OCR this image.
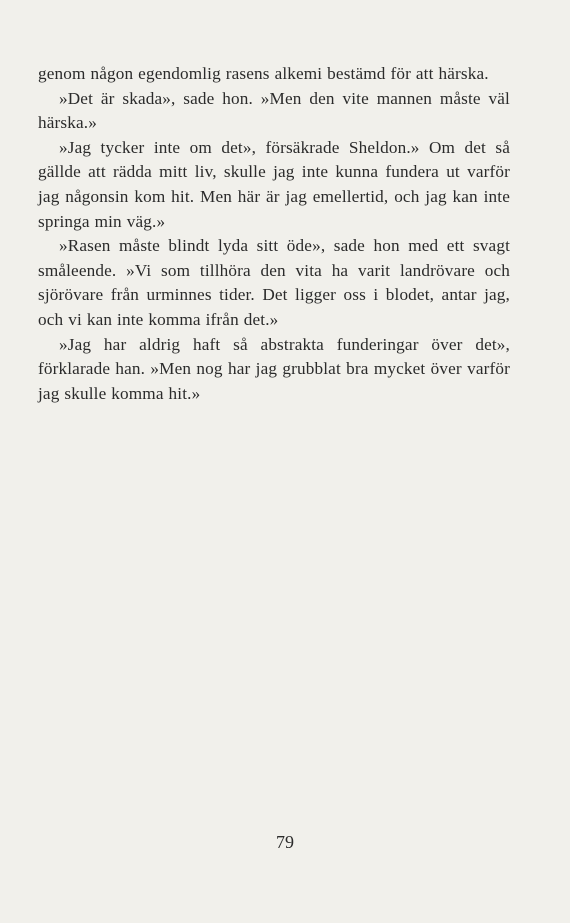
genom någon egendomlig rasens alkemi bestämd för att härska.

»Det är skada», sade hon. »Men den vite mannen måste väl härska.»

»Jag tycker inte om det», försäkrade Sheldon.» Om det så gällde att rädda mitt liv, skulle jag inte kunna fundera ut varför jag någonsin kom hit. Men här är jag emellertid, och jag kan inte springa min väg.»

»Rasen måste blindt lyda sitt öde», sade hon med ett svagt småleende. »Vi som tillhöra den vita ha varit landrövare och sjörövare från urminnes tider. Det ligger oss i blodet, antar jag, och vi kan inte komma ifrån det.»

»Jag har aldrig haft så abstrakta funderingar över det», förklarade han. »Men nog har jag grubblat bra mycket över varför jag skulle komma hit.»

79
